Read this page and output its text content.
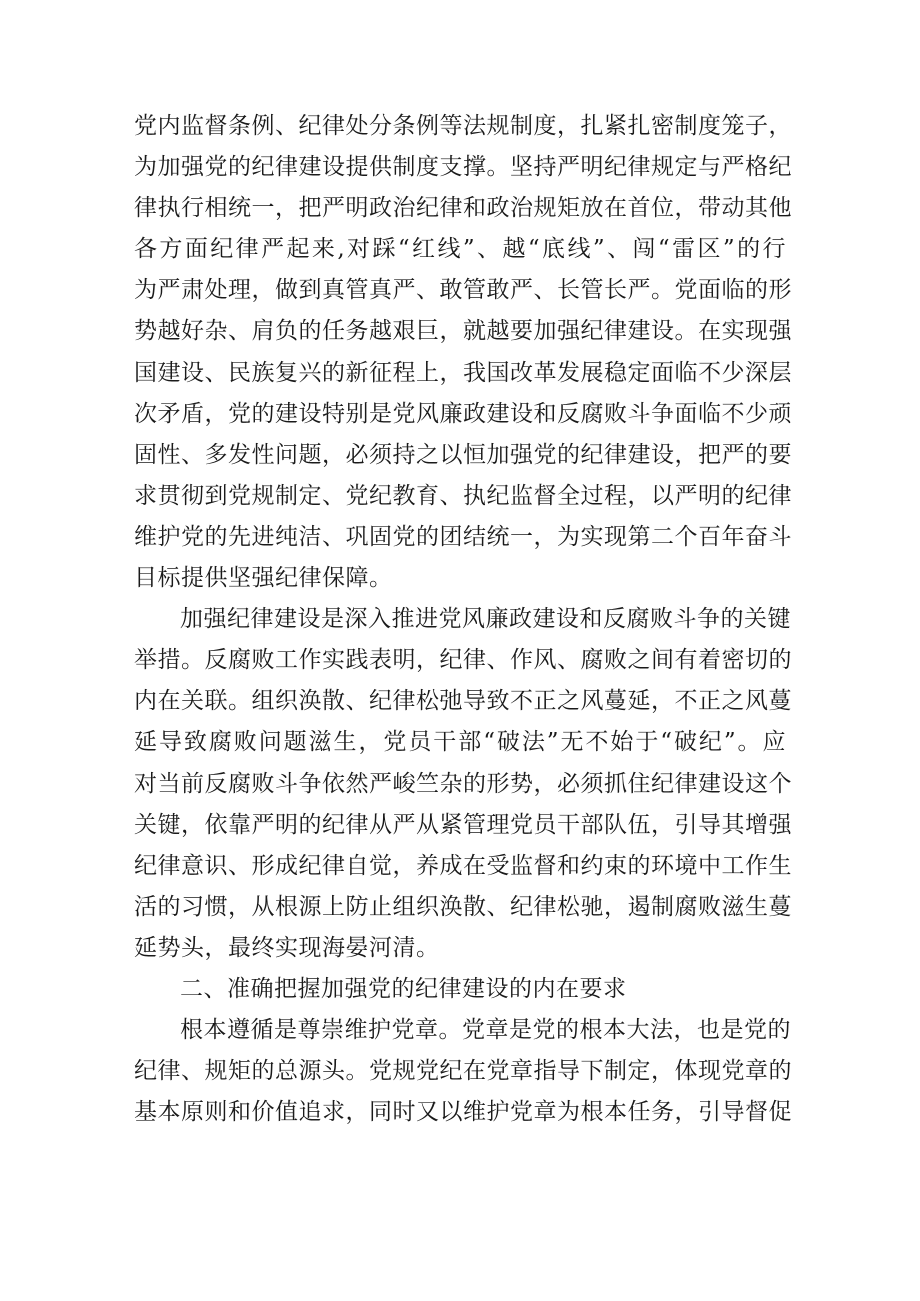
党内监督条例、纪律处分条例等法规制度，扎紧扎密制度笼子，
为加强党的纪律建设提供制度支撑。坚持严明纪律规定与严格纪
律执行相统一，把严明政治纪律和政治规矩放在首位，带动其他
各方面纪律严起来,对踩“红线”、越“底线”、闯“雷区”的行
为严肃处理，做到真管真严、敢管敢严、长管长严。党面临的形
势越好杂、肩负的任务越艰巨，就越要加强纪律建设。在实现强
国建设、民族复兴的新征程上，我国改革发展稳定面临不少深层
次矛盾，党的建设特别是党风廉政建设和反腐败斗争面临不少顽
固性、多发性问题，必须持之以恒加强党的纪律建设，把严的要
求贯彻到党规制定、党纪教育、执纪监督全过程，以严明的纪律
维护党的先进纯洁、巩固党的团结统一，为实现第二个百年奋斗
目标提供坚强纪律保障。
加强纪律建设是深入推进党风廉政建设和反腐败斗争的关键
举措。反腐败工作实践表明，纪律、作风、腐败之间有着密切的
内在关联。组织涣散、纪律松弛导致不正之风蔓延，不正之风蔓
延导致腐败问题滋生，党员干部“破法”无不始于“破纪”。应
对当前反腐败斗争依然严峻竺杂的形势，必须抓住纪律建设这个
关键，依靠严明的纪律从严从紧管理党员干部队伍，引导其增强
纪律意识、形成纪律自觉，养成在受监督和约束的环境中工作生
活的习惯，从根源上防止组织涣散、纪律松驰，遏制腐败滋生蔓
延势头，最终实现海晏河清。
二、准确把握加强党的纪律建设的内在要求
根本遵循是尊崇维护党章。党章是党的根本大法，也是党的
纪律、规矩的总源头。党规党纪在党章指导下制定，体现党章的
基本原则和价值追求，同时又以维护党章为根本任务，引导督促
